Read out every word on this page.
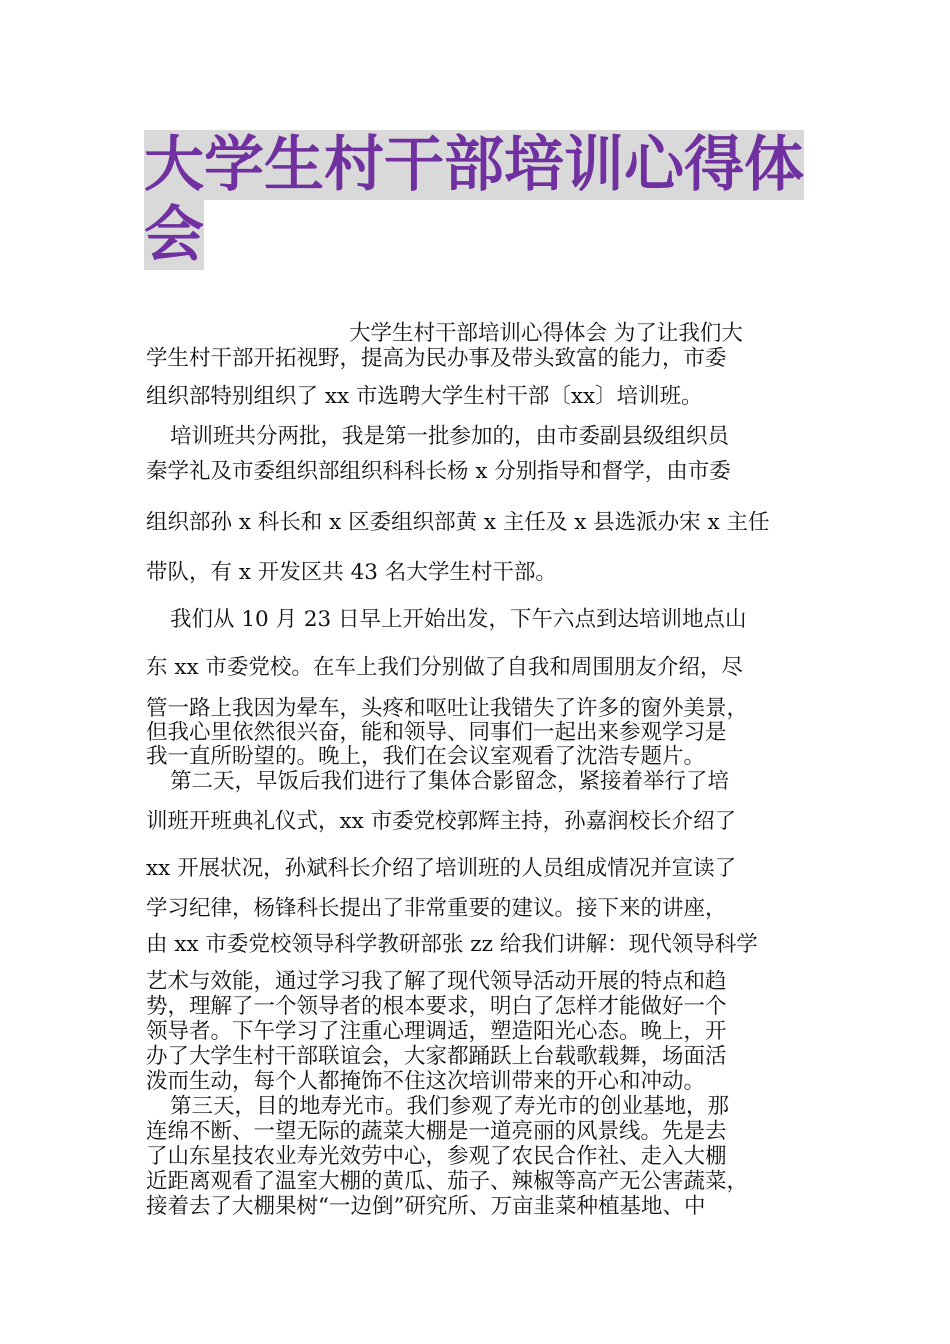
大学生村干部培训心得体会

大学生村干部培训心得体会 为了让我们大

学生村干部开拓视野，提高为民办事及带头致富的能力，市委

组织部特别组织了 xx 市选聘大学生村干部〔xx〕培训班。

培训班共分两批，我是第一批参加的，由市委副县级组织员

秦学礼及市委组织部组织科科长杨 x 分别指导和督学，由市委

组织部孙 x 科长和 x 区委组织部黄 x 主任及 x 县选派办宋 x 主任

带队，有 x 开发区共 43 名大学生村干部。

我们从 10 月 23 日早上开始出发，下午六点到达培训地点山

东 xx 市委党校。在车上我们分别做了自我和周围朋友介绍，尽

管一路上我因为晕车，头疼和呕吐让我错失了许多的窗外美景，

但我心里依然很兴奋，能和领导、同事们一起出来参观学习是

我一直所盼望的。晚上，我们在会议室观看了沈浩专题片。

第二天，早饭后我们进行了集体合影留念，紧接着举行了培

训班开班典礼仪式，xx 市委党校郭辉主持，孙嘉润校长介绍了

xx 开展状况，孙斌科长介绍了培训班的人员组成情况并宣读了

学习纪律，杨锋科长提出了非常重要的建议。接下来的讲座，

由 xx 市委党校领导科学教研部张 zz 给我们讲解：现代领导科学

艺术与效能，通过学习我了解了现代领导活动开展的特点和趋

势，理解了一个领导者的根本要求，明白了怎样才能做好一个

领导者。下午学习了注重心理调适，塑造阳光心态。晚上，开

办了大学生村干部联谊会，大家都踊跃上台载歌载舞，场面活

泼而生动，每个人都掩饰不住这次培训带来的开心和冲动。

第三天，目的地寿光市。我们参观了寿光市的创业基地，那

连绵不断、一望无际的蔬菜大棚是一道亮丽的风景线。先是去

了山东星技农业寿光效劳中心，参观了农民合作社、走入大棚

近距离观看了温室大棚的黄瓜、茄子、辣椒等高产无公害蔬菜，

接着去了大棚果树“一边倒”研究所、万亩韭菜种植基地、中
